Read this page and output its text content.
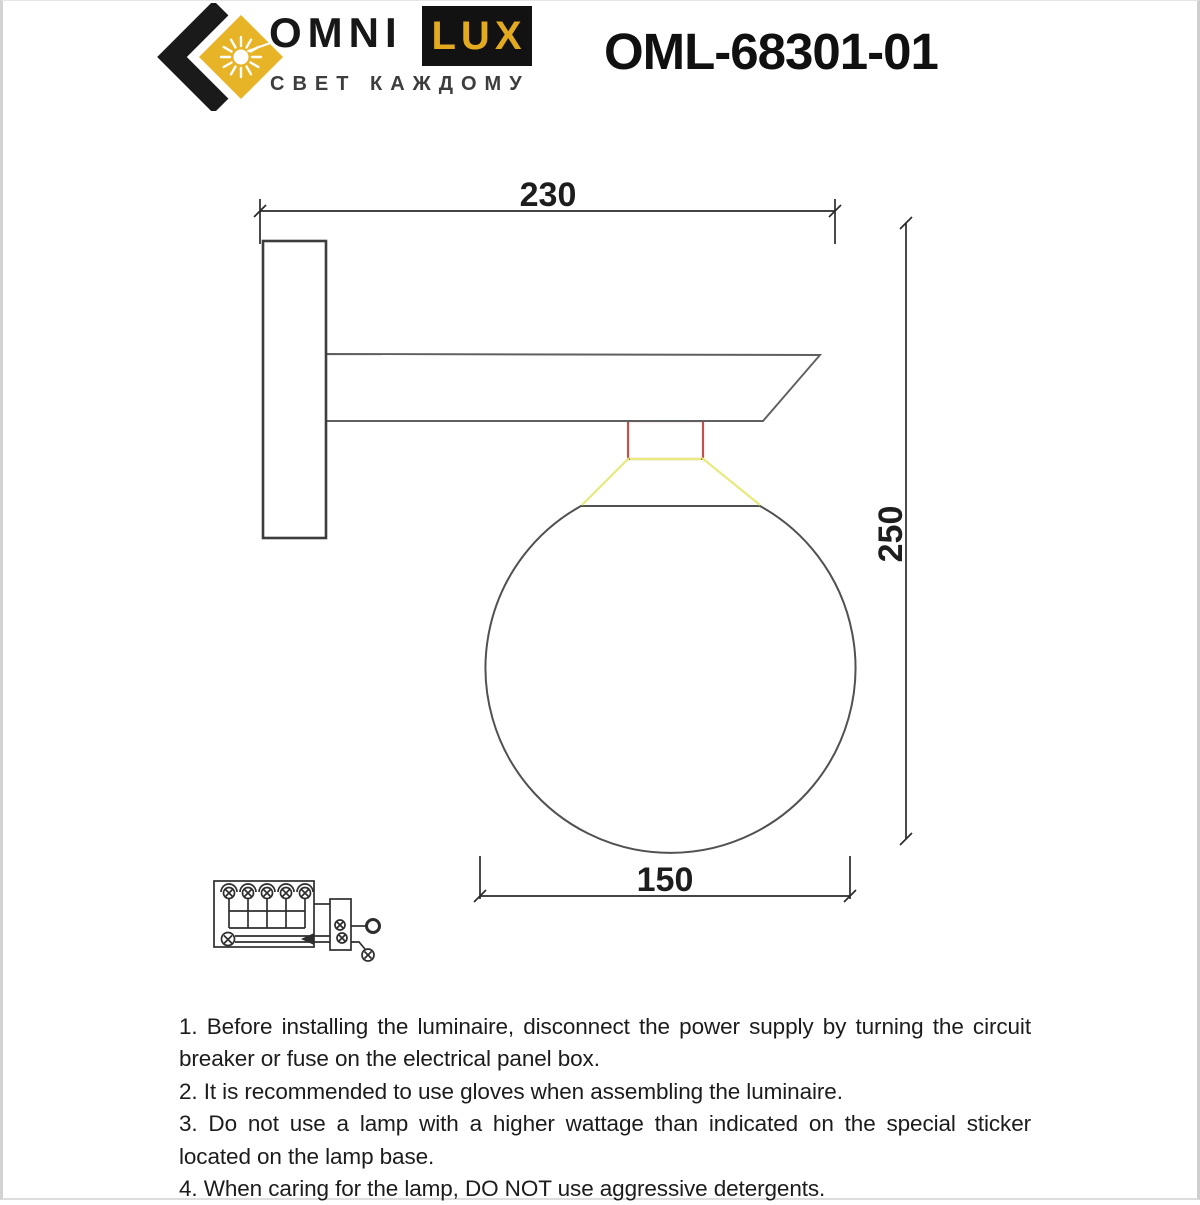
OMNI LUX
СВЕТ КАЖДОМУ
OML-68301-01
230
250
150

1. Before installing the luminaire, disconnect the power supply by turning the circuit breaker or fuse on the electrical panel box.

2. It is recommended to use gloves when assembling the luminaire.

3. Do not use a lamp with a higher wattage than indicated on the special sticker located on the lamp base.

4. When caring for the lamp, DO NOT use aggressive detergents.
